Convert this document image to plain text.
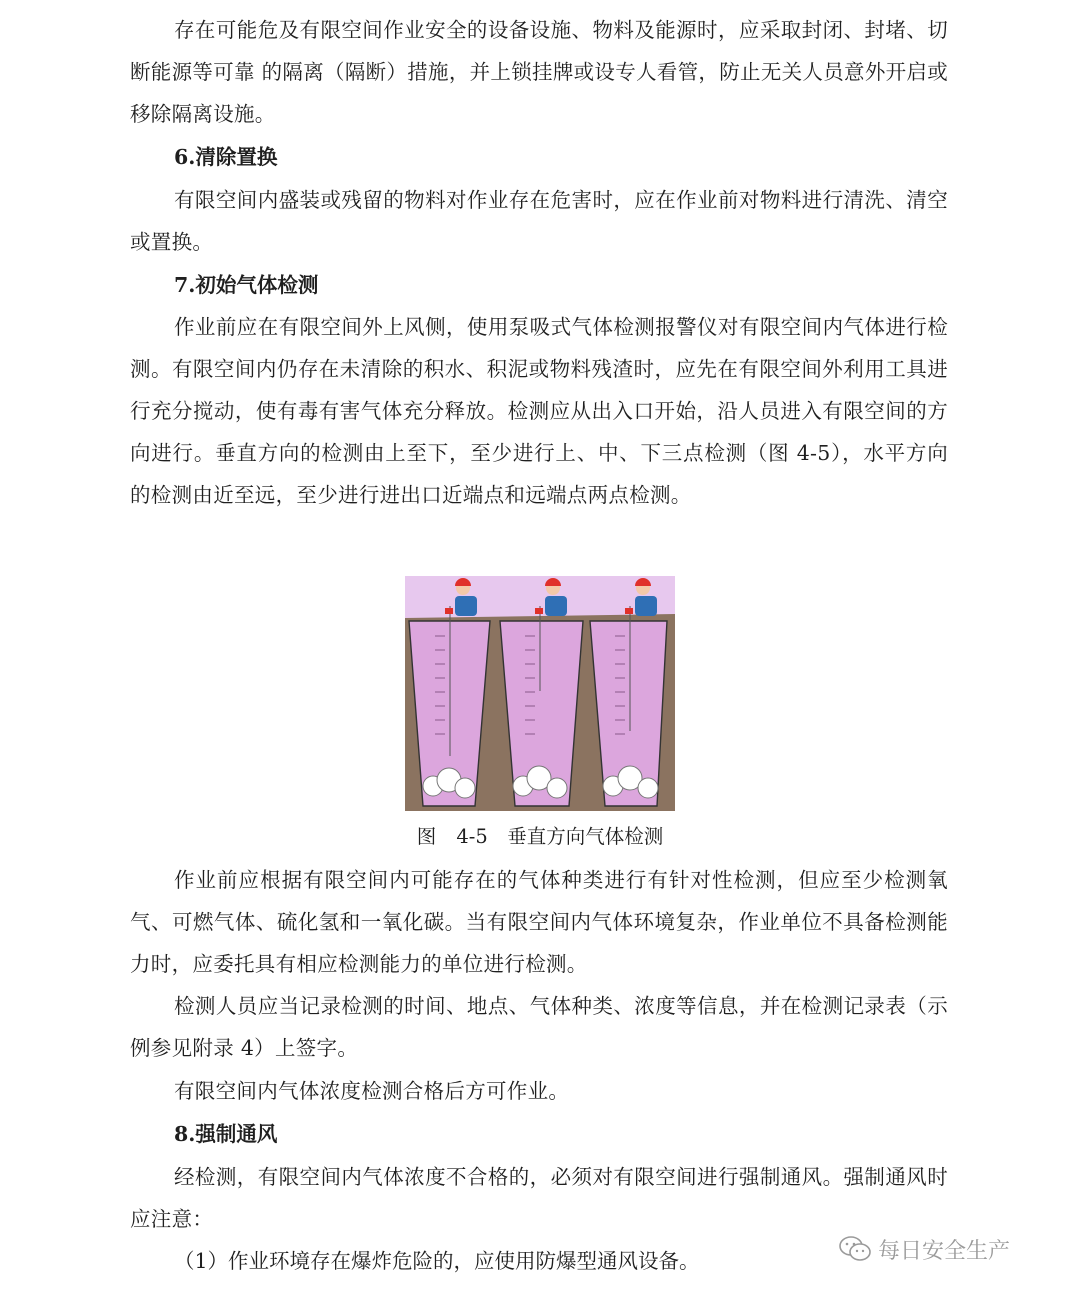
存在可能危及有限空间作业安全的设备设施、物料及能源时，应采取封闭、封堵、切断能源等可靠 的隔离（隔断）措施，并上锁挂牌或设专人看管，防止无关人员意外开启或移除隔离设施。

6.清除置换

有限空间内盛装或残留的物料对作业存在危害时，应在作业前对物料进行清洗、清空或置换。

7.初始气体检测

作业前应在有限空间外上风侧，使用泵吸式气体检测报警仪对有限空间内气体进行检测。有限空间内仍存在未清除的积水、积泥或物料残渣时，应先在有限空间外利用工具进行充分搅动，使有毒有害气体充分释放。检测应从出入口开始，沿人员进入有限空间的方向进行。垂直方向的检测由上至下，至少进行上、中、下三点检测（图 4-5），水平方向的检测由近至远，至少进行进出口近端点和远端点两点检测。

图 4-5　垂直方向气体检测

作业前应根据有限空间内可能存在的气体种类进行有针对性检测，但应至少检测氧气、可燃气体、硫化氢和一氧化碳。当有限空间内气体环境复杂，作业单位不具备检测能力时，应委托具有相应检测能力的单位进行检测。

检测人员应当记录检测的时间、地点、气体种类、浓度等信息，并在检测记录表（示例参见附录 4）上签字。

有限空间内气体浓度检测合格后方可作业。

8.强制通风

经检测，有限空间内气体浓度不合格的，必须对有限空间进行强制通风。强制通风时应注意：

（1）作业环境存在爆炸危险的，应使用防爆型通风设备。	每日安全生产
